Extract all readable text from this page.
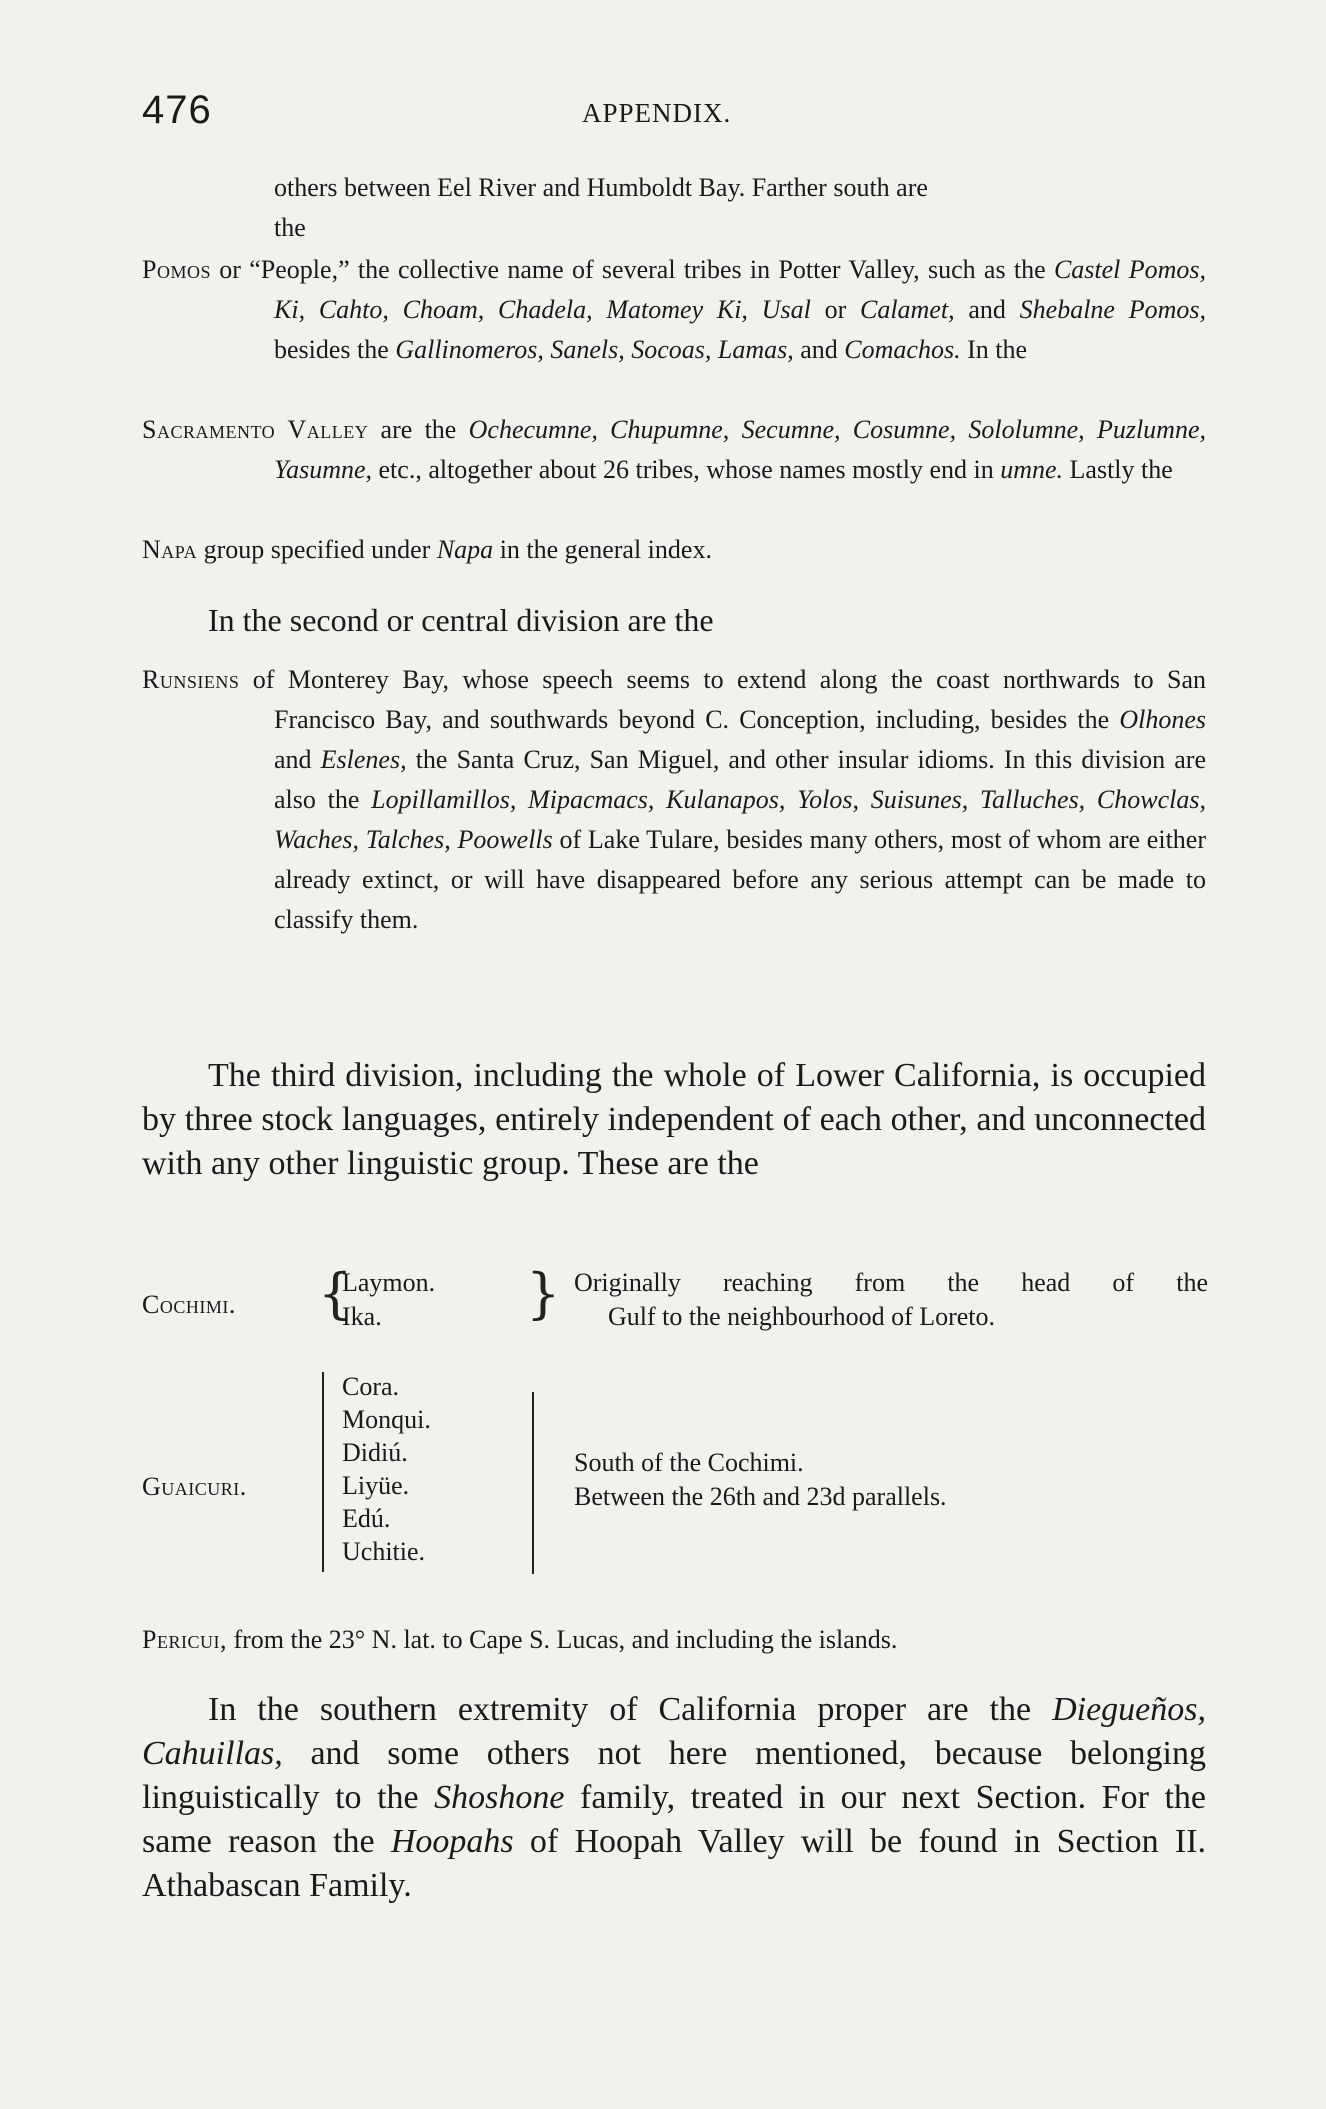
476	APPENDIX.
others between Eel River and Humboldt Bay. Farther south are
the
Pomos or “People,” the collective name of several tribes in Potter Valley, such as the Castel Pomos, Ki, Cahto, Choam, Chadela, Matomey Ki, Usal or Calamet, and Shebalne Pomos, besides the Gallinomeros, Sanels, Socoas, Lamas, and Comachos. In the
Sacramento Valley are the Ochecumne, Chupumne, Secumne, Cosumne, Sololumne, Puzlumne, Yasumne, etc., altogether about 26 tribes, whose names mostly end in umne. Lastly the
Napa group specified under Napa in the general index.
In the second or central division are the
Runsiens of Monterey Bay, whose speech seems to extend along the coast northwards to San Francisco Bay, and southwards beyond C. Conception, including, besides the Olhones and Eslenes, the Santa Cruz, San Miguel, and other insular idioms. In this division are also the Lopillamillos, Mipacmacs, Kulanapos, Yolos, Suisunes, Talluches, Chowclas, Waches, Talches, Poowells of Lake Tulare, besides many others, most of whom are either already extinct, or will have disappeared before any serious attempt can be made to classify them.
The third division, including the whole of Lower California, is occupied by three stock languages, entirely independent of each other, and unconnected with any other linguistic group. These are the
Cochimi. {
Laymon.
Ika.	} Originally reaching from the head of the
Gulf to the neighbourhood of Loreto.
Guaicuri.
Cora.
Monqui.
Didiú.
Liyüe.
Edú.
Uchitie.
South of the Cochimi.
Between the 26th and 23d parallels.
Pericui, from the 23° N. lat. to Cape S. Lucas, and including the islands.
In the southern extremity of California proper are the Diegueños, Cahuillas, and some others not here mentioned, because belonging linguistically to the Shoshone family, treated in our next Section. For the same reason the Hoopahs of Hoopah Valley will be found in Section II. Athabascan Family.
